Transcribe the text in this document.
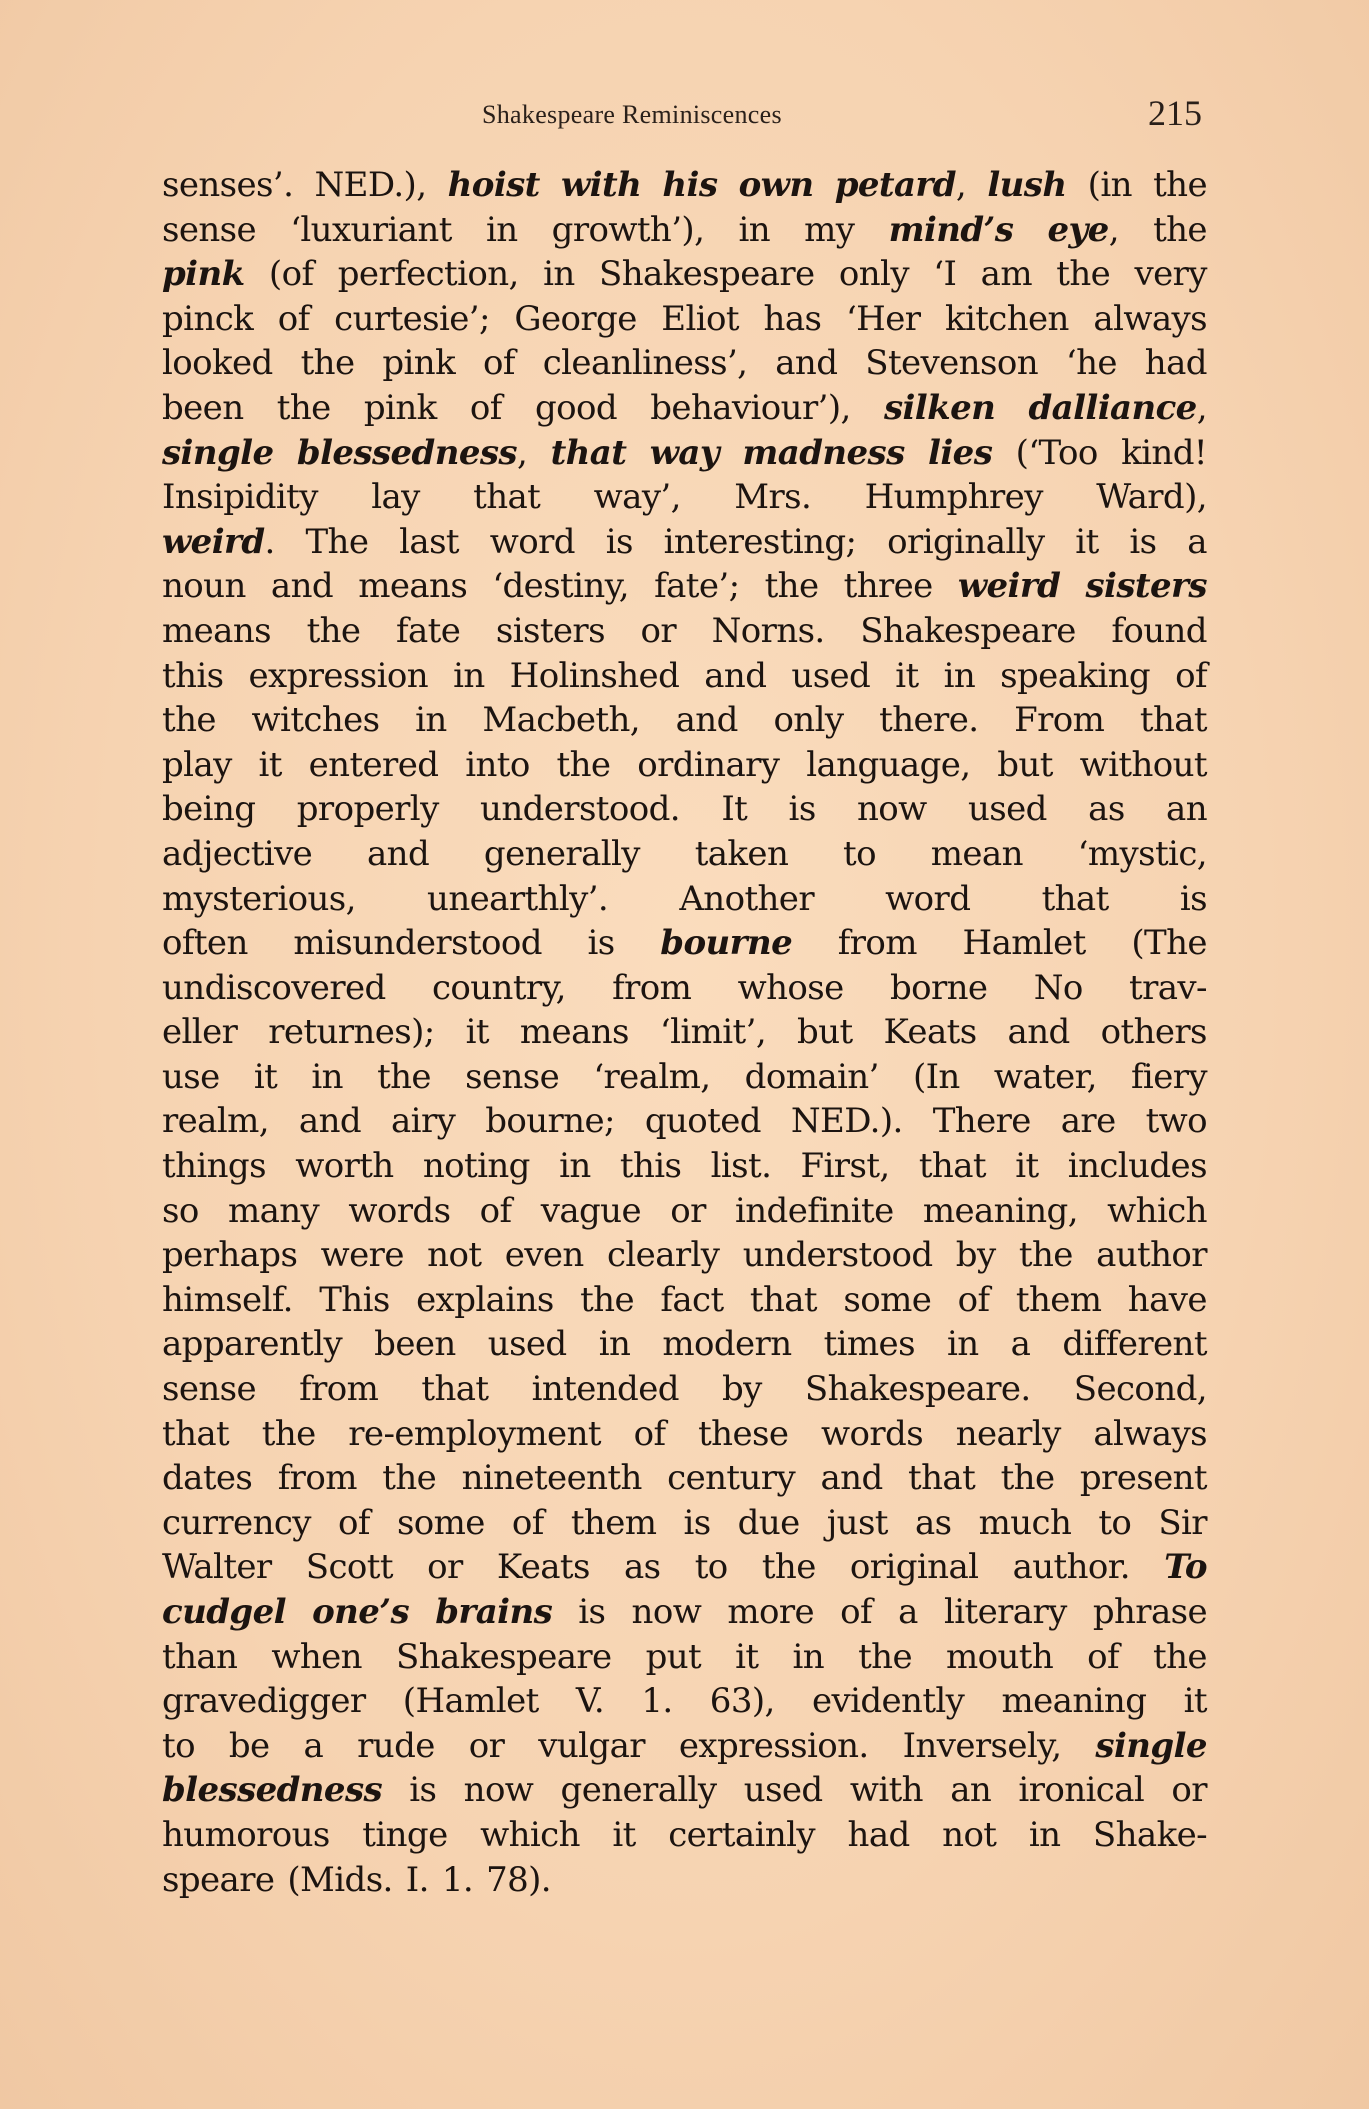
Shakespeare Reminiscences	215
senses’. NED.), hoist with his own petard, lush (in the
sense ‘luxuriant in growth’), in my mind’s eye, the
pink (of perfection, in Shakespeare only ‘I am the very
pinck of curtesie’; George Eliot has ‘Her kitchen always
looked the pink of cleanliness’, and Stevenson ‘he had
been the pink of good behaviour’), silken dalliance,
single blessedness, that way madness lies (‘Too kind!
Insipidity lay that way’, Mrs. Humphrey Ward),
weird. The last word is interesting; originally it is a
noun and means ‘destiny, fate’; the three weird sisters
means the fate sisters or Norns. Shakespeare found
this expression in Holinshed and used it in speaking of
the witches in Macbeth, and only there. From that
play it entered into the ordinary language, but without
being properly understood. It is now used as an
adjective and generally taken to mean ‘mystic,
mysterious, unearthly’. Another word that is
often misunderstood is bourne from Hamlet (The
undiscovered country, from whose borne No trav-
eller returnes); it means ‘limit’, but Keats and others
use it in the sense ‘realm, domain’ (In water, fiery
realm, and airy bourne; quoted NED.). There are two
things worth noting in this list. First, that it includes
so many words of vague or indefinite meaning, which
perhaps were not even clearly understood by the author
himself. This explains the fact that some of them have
apparently been used in modern times in a different
sense from that intended by Shakespeare. Second,
that the re-employment of these words nearly always
dates from the nineteenth century and that the present
currency of some of them is due just as much to Sir
Walter Scott or Keats as to the original author. To
cudgel one’s brains is now more of a literary phrase
than when Shakespeare put it in the mouth of the
gravedigger (Hamlet V. 1. 63), evidently meaning it
to be a rude or vulgar expression. Inversely, single
blessedness is now generally used with an ironical or
humorous tinge which it certainly had not in Shake-
speare (Mids. I. 1. 78).
